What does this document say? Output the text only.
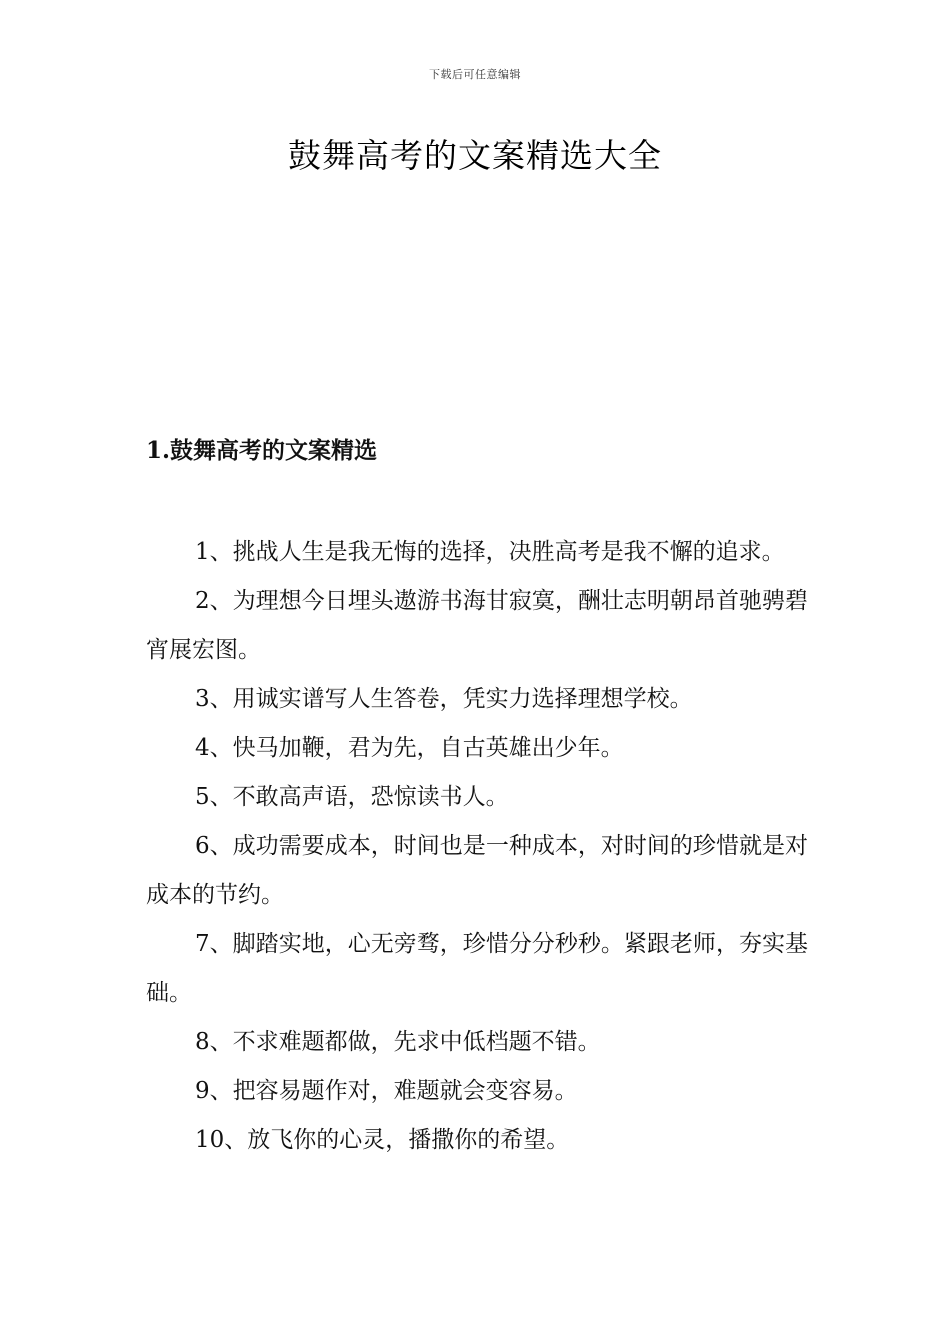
下载后可任意编辑
鼓舞高考的文案精选大全
1.鼓舞高考的文案精选

1、挑战人生是我无悔的选择，决胜高考是我不懈的追求。

2、为理想今日埋头遨游书海甘寂寞，酬壮志明朝昂首驰骋碧宵展宏图。

3、用诚实谱写人生答卷，凭实力选择理想学校。

4、快马加鞭，君为先，自古英雄出少年。

5、不敢高声语，恐惊读书人。

6、成功需要成本，时间也是一种成本，对时间的珍惜就是对成本的节约。

7、脚踏实地，心无旁骛，珍惜分分秒秒。紧跟老师，夯实基础。

8、不求难题都做，先求中低档题不错。

9、把容易题作对，难题就会变容易。

10、放飞你的心灵，播撒你的希望。
